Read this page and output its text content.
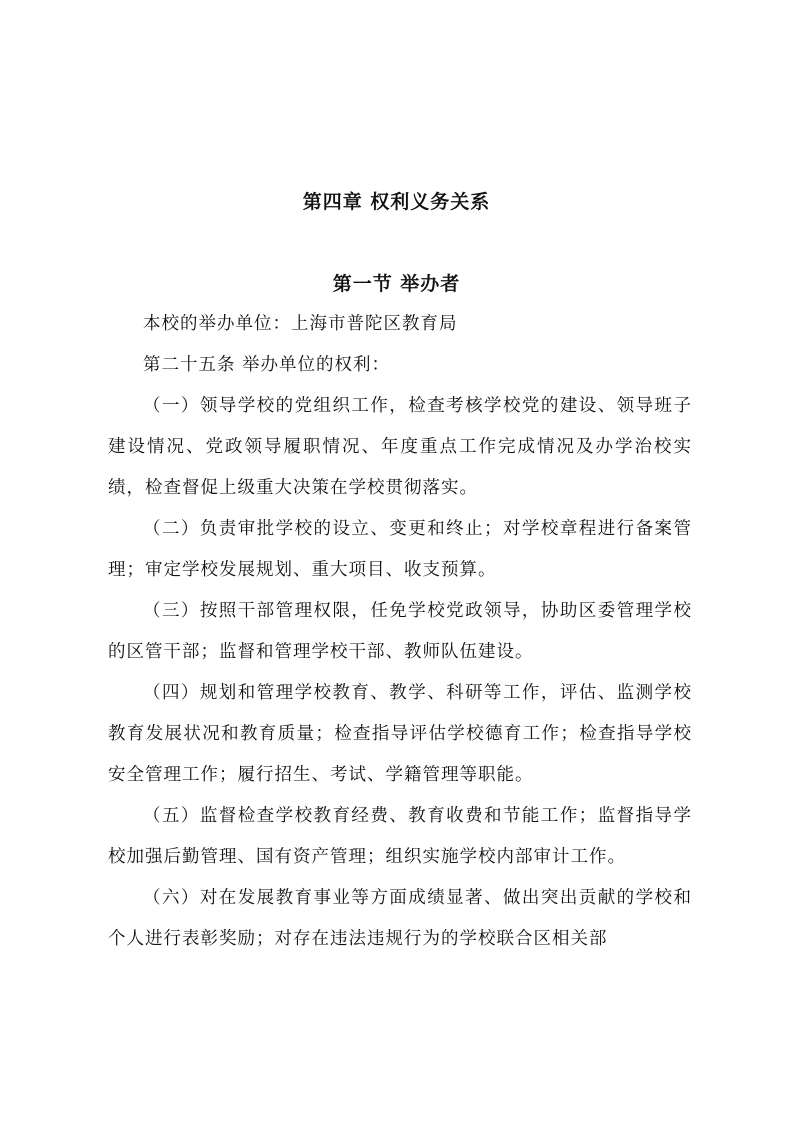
第四章 权利义务关系
第一节 举办者

本校的举办单位：上海市普陀区教育局

第二十五条 举办单位的权利：

（一）领导学校的党组织工作，检查考核学校党的建设、领导班子建设情况、党政领导履职情况、年度重点工作完成情况及办学治校实绩，检查督促上级重大决策在学校贯彻落实。

（二）负责审批学校的设立、变更和终止；对学校章程进行备案管理；审定学校发展规划、重大项目、收支预算。

（三）按照干部管理权限，任免学校党政领导，协助区委管理学校的区管干部；监督和管理学校干部、教师队伍建设。

（四）规划和管理学校教育、教学、科研等工作，评估、监测学校教育发展状况和教育质量；检查指导评估学校德育工作；检查指导学校安全管理工作；履行招生、考试、学籍管理等职能。

（五）监督检查学校教育经费、教育收费和节能工作；监督指导学校加强后勤管理、国有资产管理；组织实施学校内部审计工作。

（六）对在发展教育事业等方面成绩显著、做出突出贡献的学校和个人进行表彰奖励；对存在违法违规行为的学校联合区相关部
